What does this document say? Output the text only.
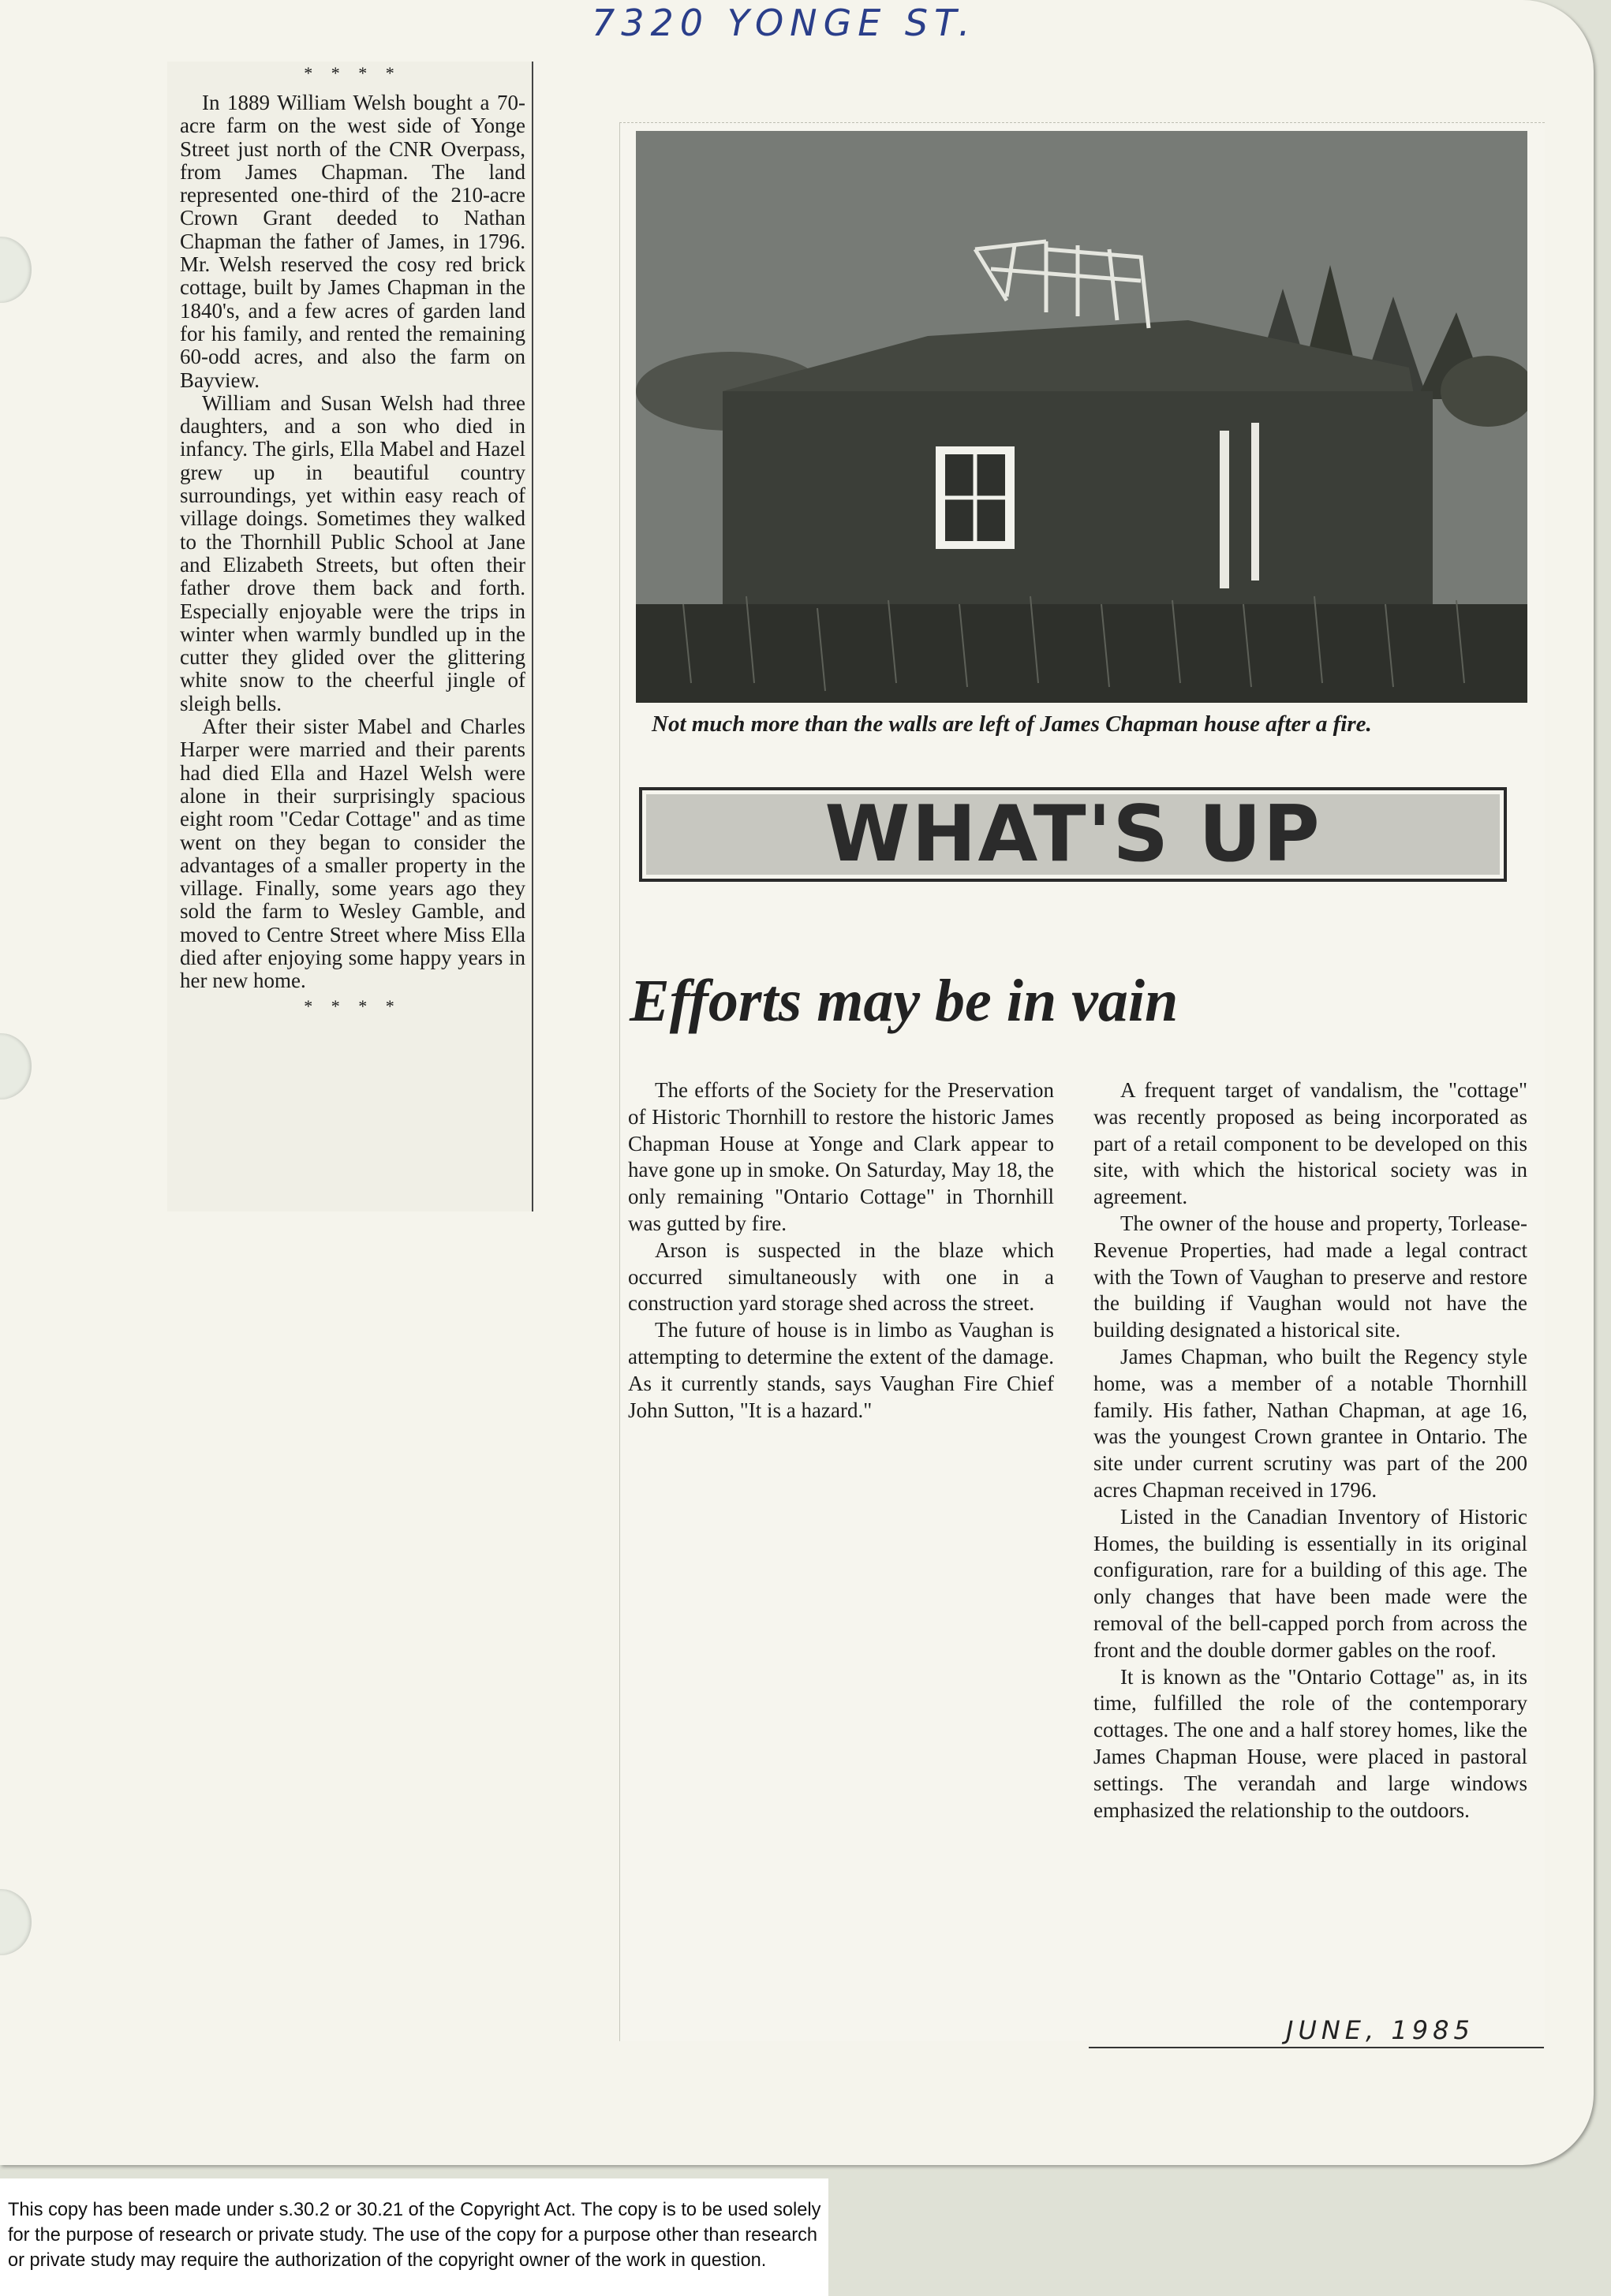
7320 YONGE ST.
* * * *

In 1889 William Welsh bought a 70-acre farm on the west side of Yonge Street just north of the CNR Overpass, from James Chapman. The land represented one-third of the 210-acre Crown Grant deeded to Nathan Chapman the father of James, in 1796. Mr. Welsh reserved the cosy red brick cottage, built by James Chapman in the 1840's, and a few acres of garden land for his family, and rented the remaining 60-odd acres, and also the farm on Bayview.

William and Susan Welsh had three daughters, and a son who died in infancy. The girls, Ella Mabel and Hazel grew up in beautiful country surroundings, yet within easy reach of village doings. Sometimes they walked to the Thornhill Public School at Jane and Elizabeth Streets, but often their father drove them back and forth. Especially enjoyable were the trips in winter when warmly bundled up in the cutter they glided over the glittering white snow to the cheerful jingle of sleigh bells.

After their sister Mabel and Charles Harper were married and their parents had died Ella and Hazel Welsh were alone in their surprisingly spacious eight room "Cedar Cottage" and as time went on they began to consider the advantages of a smaller property in the village. Finally, some years ago they sold the farm to Wesley Gamble, and moved to Centre Street where Miss Ella died after enjoying some happy years in her new home.

* * * *
Not much more than the walls are left of James Chapman house after a fire.
WHAT'S UP
Efforts may be in vain

The efforts of the Society for the Preservation of Historic Thornhill to restore the historic James Chapman House at Yonge and Clark appear to have gone up in smoke. On Saturday, May 18, the only remaining "Ontario Cottage" in Thornhill was gutted by fire.

Arson is suspected in the blaze which occurred simultaneously with one in a construction yard storage shed across the street.

The future of house is in limbo as Vaughan is attempting to determine the extent of the damage. As it currently stands, says Vaughan Fire Chief John Sutton, "It is a hazard."

A frequent target of vandalism, the "cottage" was recently proposed as being incorporated as part of a retail component to be developed on this site, with which the historical society was in agreement.

The owner of the house and property, Torlease-Revenue Properties, had made a legal contract with the Town of Vaughan to preserve and restore the building if Vaughan would not have the building designated a historical site.

James Chapman, who built the Regency style home, was a member of a notable Thornhill family. His father, Nathan Chapman, at age 16, was the youngest Crown grantee in Ontario. The site under current scrutiny was part of the 200 acres Chapman received in 1796.

Listed in the Canadian Inventory of Historic Homes, the building is essentially in its original configuration, rare for a building of this age. The only changes that have been made were the removal of the bell-capped porch from across the front and the double dormer gables on the roof.

It is known as the "Ontario Cottage" as, in its time, fulfilled the role of the contemporary cottages. The one and a half storey homes, like the James Chapman House, were placed in pastoral settings. The verandah and large windows emphasized the relationship to the outdoors.

JUNE, 1985
This copy has been made under s.30.2 or 30.21 of the Copyright Act. The copy is to be used solely
for the purpose of research or private study. The use of the copy for a purpose other than research
or private study may require the authorization of the copyright owner of the work in question.
